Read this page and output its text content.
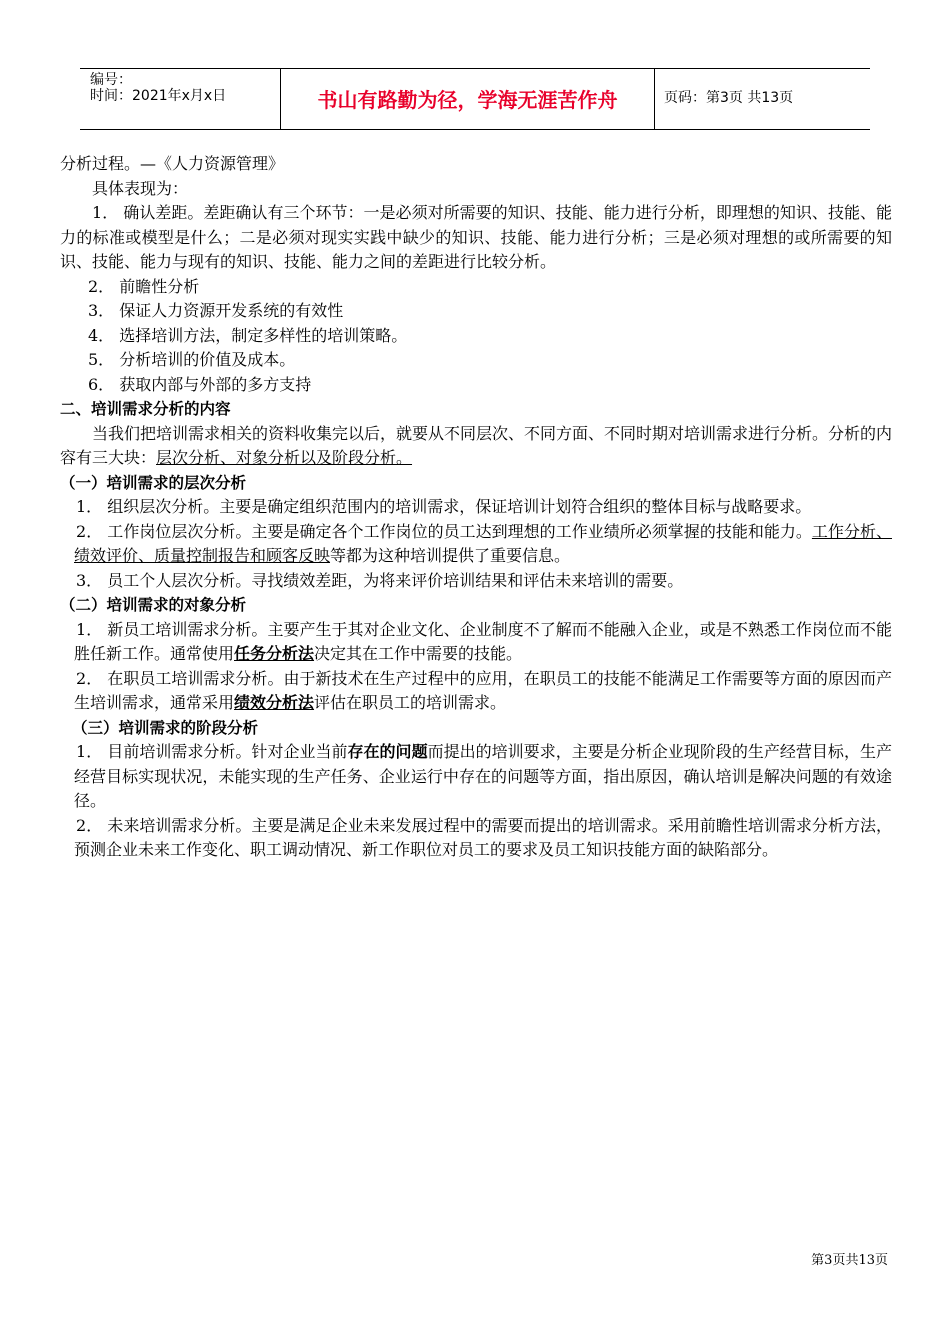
编号：
时间：2021年x月x日	书山有路勤为径，学海无涯苦作舟	页码：第3页 共13页

分析过程。—《人力资源管理》

具体表现为：

1． 确认差距。差距确认有三个环节：一是必须对所需要的知识、技能、能力进行分析，即理想的知识、技能、能力的标准或模型是什么；二是必须对现实实践中缺少的知识、技能、能力进行分析；三是必须对理想的或所需要的知识、技能、能力与现有的知识、技能、能力之间的差距进行比较分析。

2． 前瞻性分析

3． 保证人力资源开发系统的有效性

4． 选择培训方法，制定多样性的培训策略。

5． 分析培训的价值及成本。

6． 获取内部与外部的多方支持

二、培训需求分析的内容

当我们把培训需求相关的资料收集完以后，就要从不同层次、不同方面、不同时期对培训需求进行分析。分析的内容有三大块：层次分析、对象分析以及阶段分析。

（一）培训需求的层次分析

1． 组织层次分析。主要是确定组织范围内的培训需求，保证培训计划符合组织的整体目标与战略要求。

2． 工作岗位层次分析。主要是确定各个工作岗位的员工达到理想的工作业绩所必须掌握的技能和能力。工作分析、绩效评价、质量控制报告和顾客反映等都为这种培训提供了重要信息。

3． 员工个人层次分析。寻找绩效差距，为将来评价培训结果和评估未来培训的需要。

（二）培训需求的对象分析

1． 新员工培训需求分析。主要产生于其对企业文化、企业制度不了解而不能融入企业，或是不熟悉工作岗位而不能胜任新工作。通常使用任务分析法决定其在工作中需要的技能。

2． 在职员工培训需求分析。由于新技术在生产过程中的应用，在职员工的技能不能满足工作需要等方面的原因而产生培训需求，通常采用绩效分析法评估在职员工的培训需求。

（三）培训需求的阶段分析

1． 目前培训需求分析。针对企业当前存在的问题而提出的培训要求，主要是分析企业现阶段的生产经营目标，生产经营目标实现状况，未能实现的生产任务、企业运行中存在的问题等方面，指出原因，确认培训是解决问题的有效途径。

2． 未来培训需求分析。主要是满足企业未来发展过程中的需要而提出的培训需求。采用前瞻性培训需求分析方法，预测企业未来工作变化、职工调动情况、新工作职位对员工的要求及员工知识技能方面的缺陷部分。

第3页共13页
